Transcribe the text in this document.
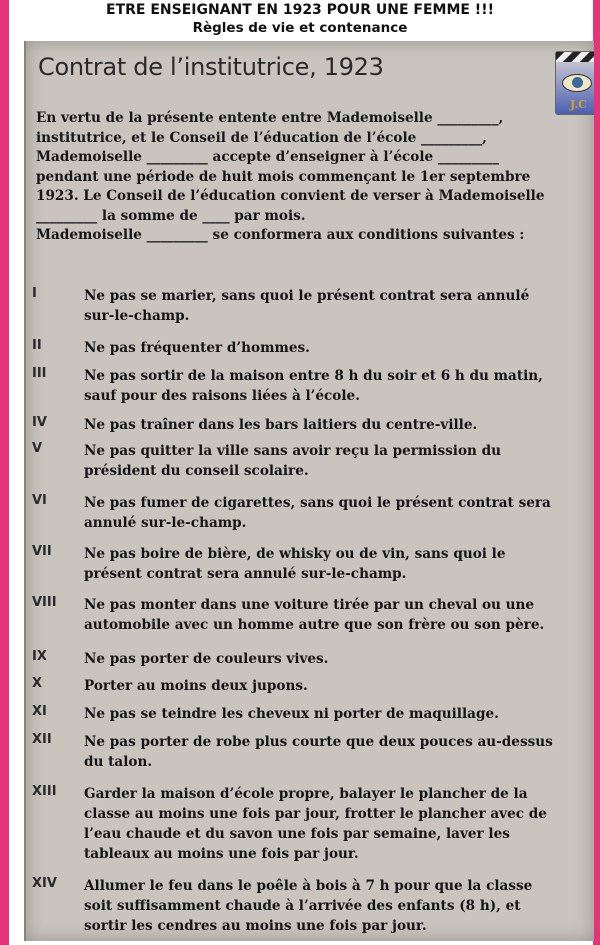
ETRE ENSEIGNANT EN 1923 POUR UNE FEMME !!!
Règles de vie et contenance
Contrat de l’institutrice, 1923
J.C

En vertu de la présente entente entre Mademoiselle _________,

institutrice, et le Conseil de l’éducation de l’école _________,

Mademoiselle _________ accepte d’enseigner à l’école _________

pendant une période de huit mois commençant le 1er septembre

1923. Le Conseil de l’éducation convient de verser à Mademoiselle

_________ la somme de ____ par mois.

Mademoiselle _________ se conformera aux conditions suivantes :

I	Ne pas se marier, sans quoi le présent contrat sera annulé
sur-le-champ.
II	Ne pas fréquenter d’hommes.
III	Ne pas sortir de la maison entre 8 h du soir et 6 h du matin,
sauf pour des raisons liées à l’école.
IV	Ne pas traîner dans les bars laitiers du centre-ville.
V	Ne pas quitter la ville sans avoir reçu la permission du
président du conseil scolaire.
VI	Ne pas fumer de cigarettes, sans quoi le présent contrat sera
annulé sur-le-champ.
VII Ne pas boire de bière, de whisky ou de vin, sans quoi le
présent contrat sera annulé sur-le-champ.
VIII Ne pas monter dans une voiture tirée par un cheval ou une
automobile avec un homme autre que son frère ou son père.
IX	Ne pas porter de couleurs vives.
X	Porter au moins deux jupons.
XI	Ne pas se teindre les cheveux ni porter de maquillage.
XII Ne pas porter de robe plus courte que deux pouces au-dessus
du talon.
XIII Garder la maison d’école propre, balayer le plancher de la
classe au moins une fois par jour, frotter le plancher avec de
l’eau chaude et du savon une fois par semaine, laver les
tableaux au moins une fois par jour.
XIV Allumer le feu dans le poêle à bois à 7 h pour que la classe
soit suffisamment chaude à l’arrivée des enfants (8 h), et
sortir les cendres au moins une fois par jour.
